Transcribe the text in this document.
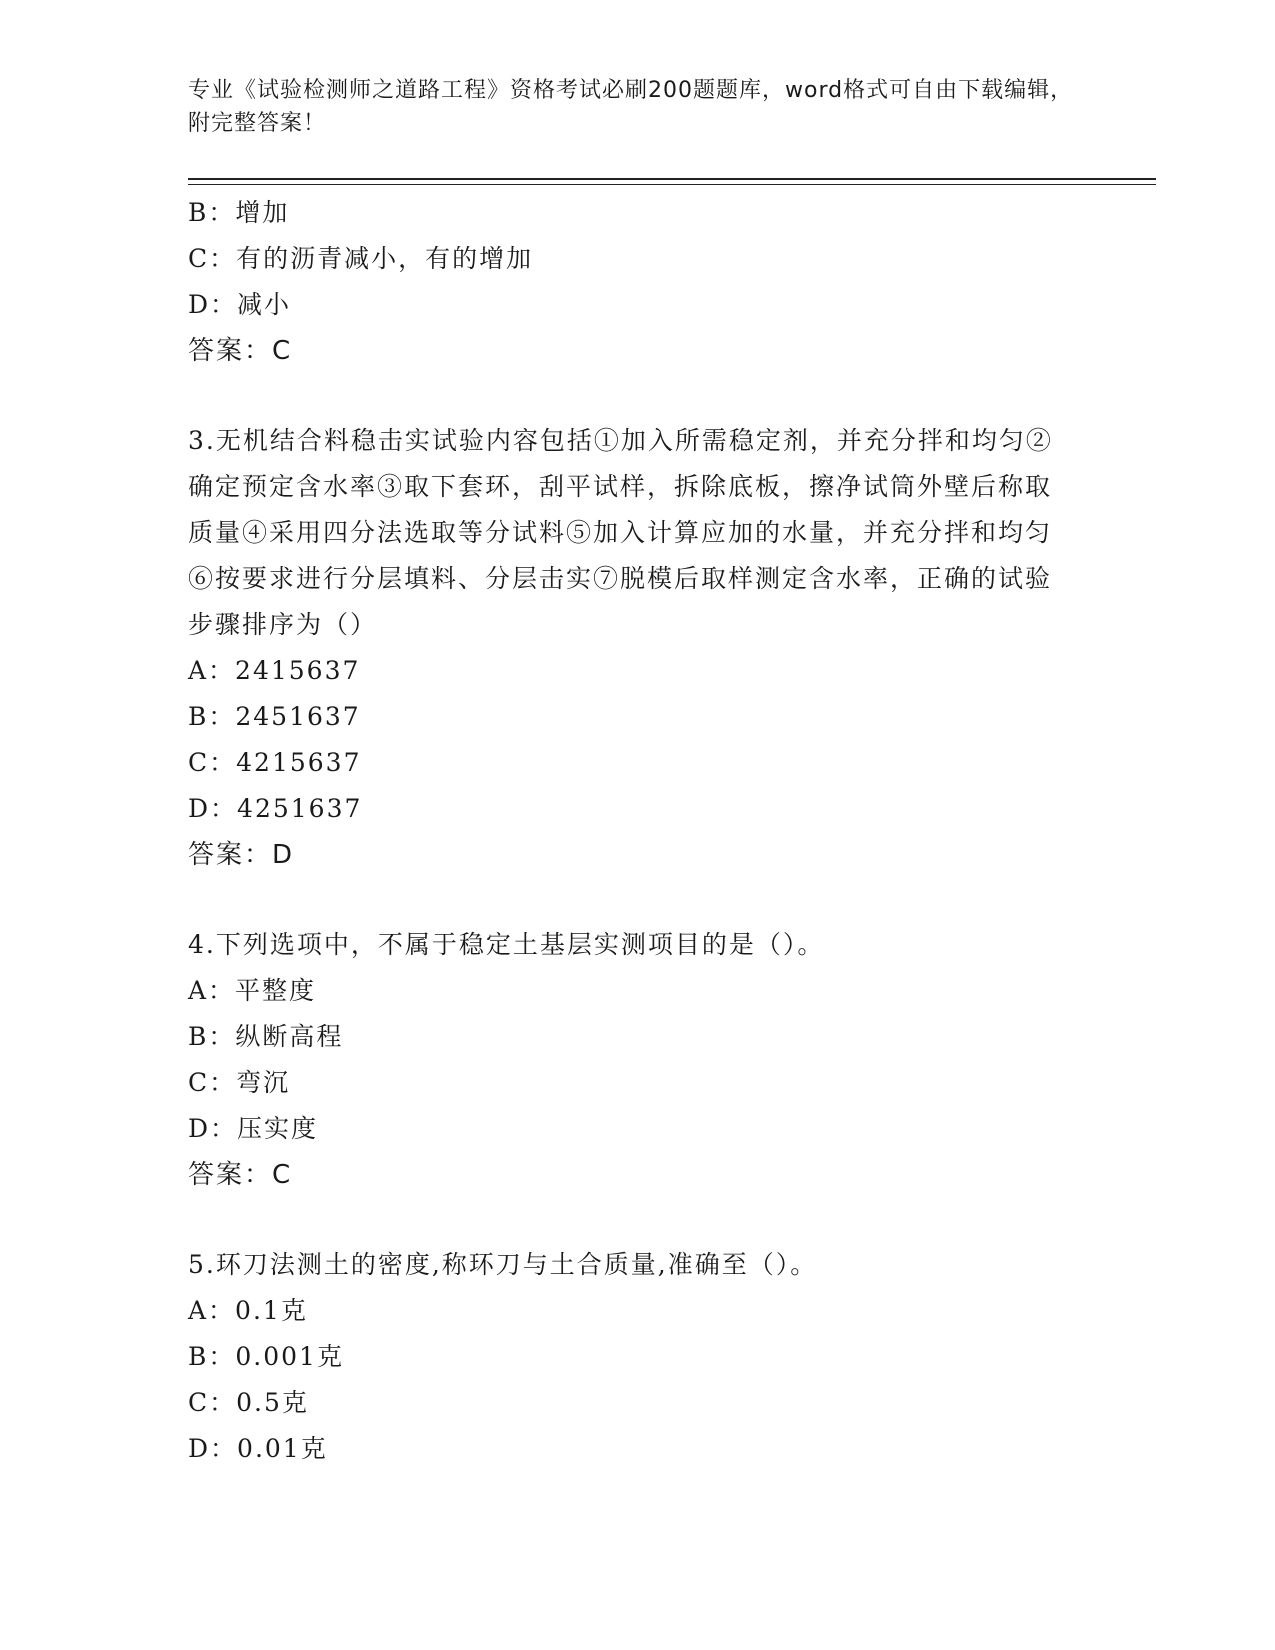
专业《试验检测师之道路工程》资格考试必刷200题题库，word格式可自由下载编辑，附完整答案！
B：增加
C：有的沥青减小，有的增加
D：减小
答案：C
3.无机结合料稳击实试验内容包括①加入所需稳定剂，并充分拌和均匀②确定预定含水率③取下套环，刮平试样，拆除底板，擦净试筒外壁后称取质量④采用四分法选取等分试料⑤加入计算应加的水量，并充分拌和均匀⑥按要求进行分层填料、分层击实⑦脱模后取样测定含水率，正确的试验步骤排序为（）
A：2415637
B：2451637
C：4215637
D：4251637
答案：D
4.下列选项中，不属于稳定土基层实测项目的是（）。
A：平整度
B：纵断高程
C：弯沉
D：压实度
答案：C
5.环刀法测土的密度,称环刀与土合质量,准确至（）。
A：0.1克
B：0.001克
C：0.5克
D：0.01克
